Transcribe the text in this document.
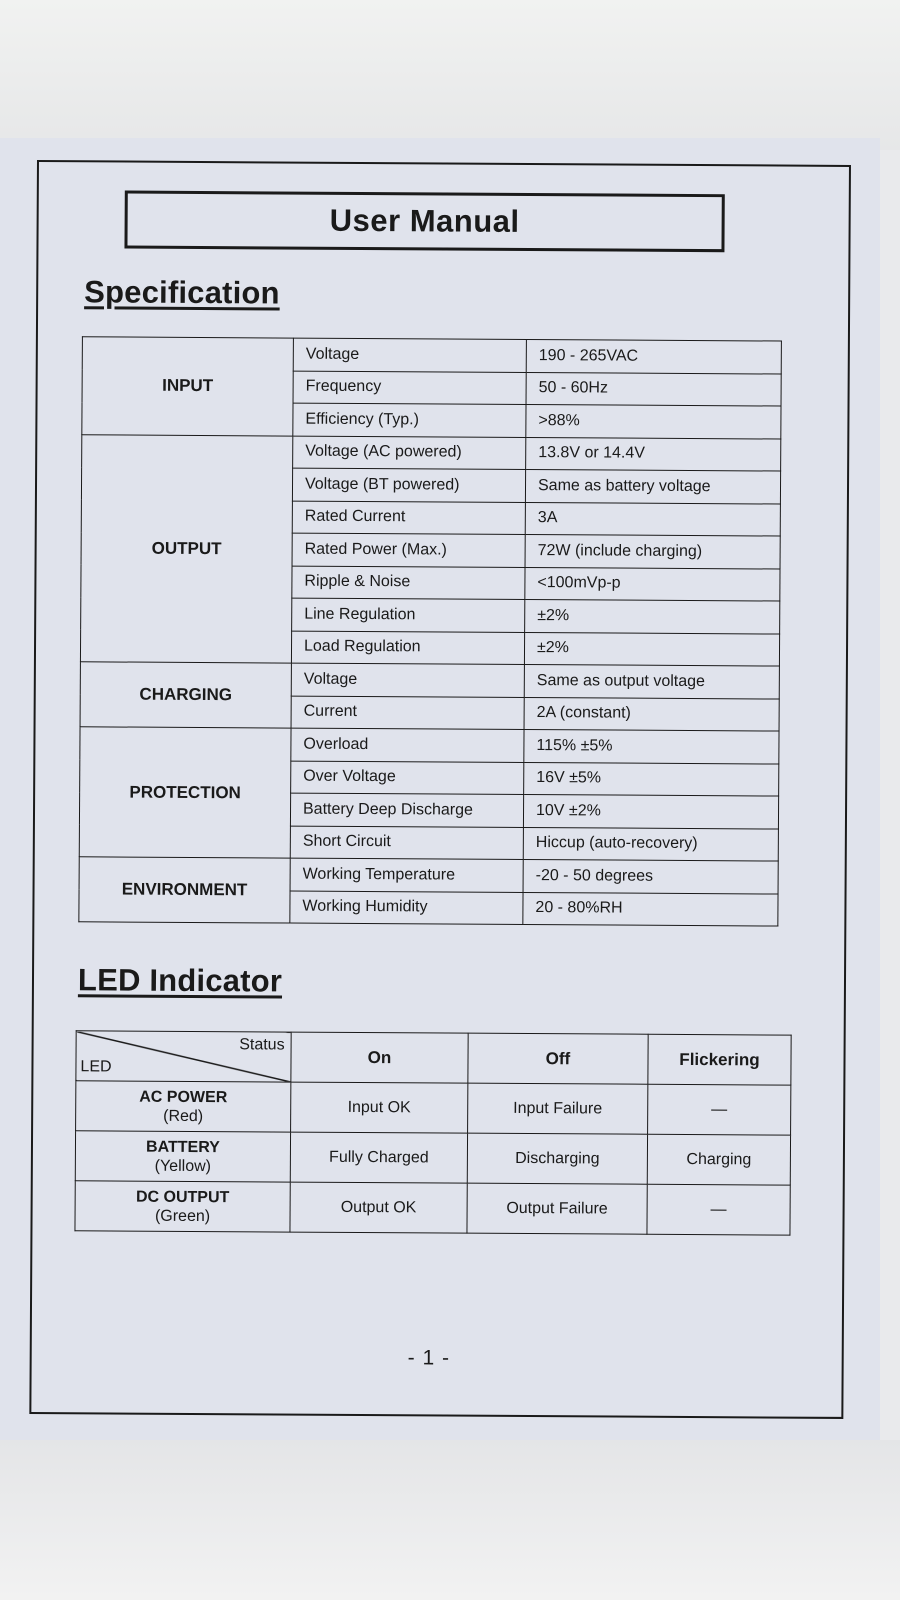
User Manual
Specification
INPUT	Voltage	190 - 265VAC
	Frequency	50 - 60Hz
	Efficiency (Typ.)	>88%
OUTPUT	Voltage (AC powered)	13.8V or 14.4V
	Voltage (BT powered)	Same as battery voltage
	Rated Current	3A
	Rated Power (Max.)	72W (include charging)
	Ripple & Noise	<100mVp-p
	Line Regulation	±2%
	Load Regulation	±2%
CHARGING	Voltage	Same as output voltage
	Current	2A (constant)
PROTECTION	Overload	115% ±5%
	Over Voltage	16V ±5%
	Battery Deep Discharge	10V ±2%
	Short Circuit	Hiccup (auto-recovery)
ENVIRONMENT	Working Temperature	-20 - 50 degrees
	Working Humidity	20 - 80%RH
LED Indicator
Status
LED	On	Off	Flickering
AC POWER
(Red)	Input OK	Input Failure	—
BATTERY
(Yellow)	Fully Charged	Discharging	Charging
DC OUTPUT
(Green)	Output OK	Output Failure	—
- 1 -
